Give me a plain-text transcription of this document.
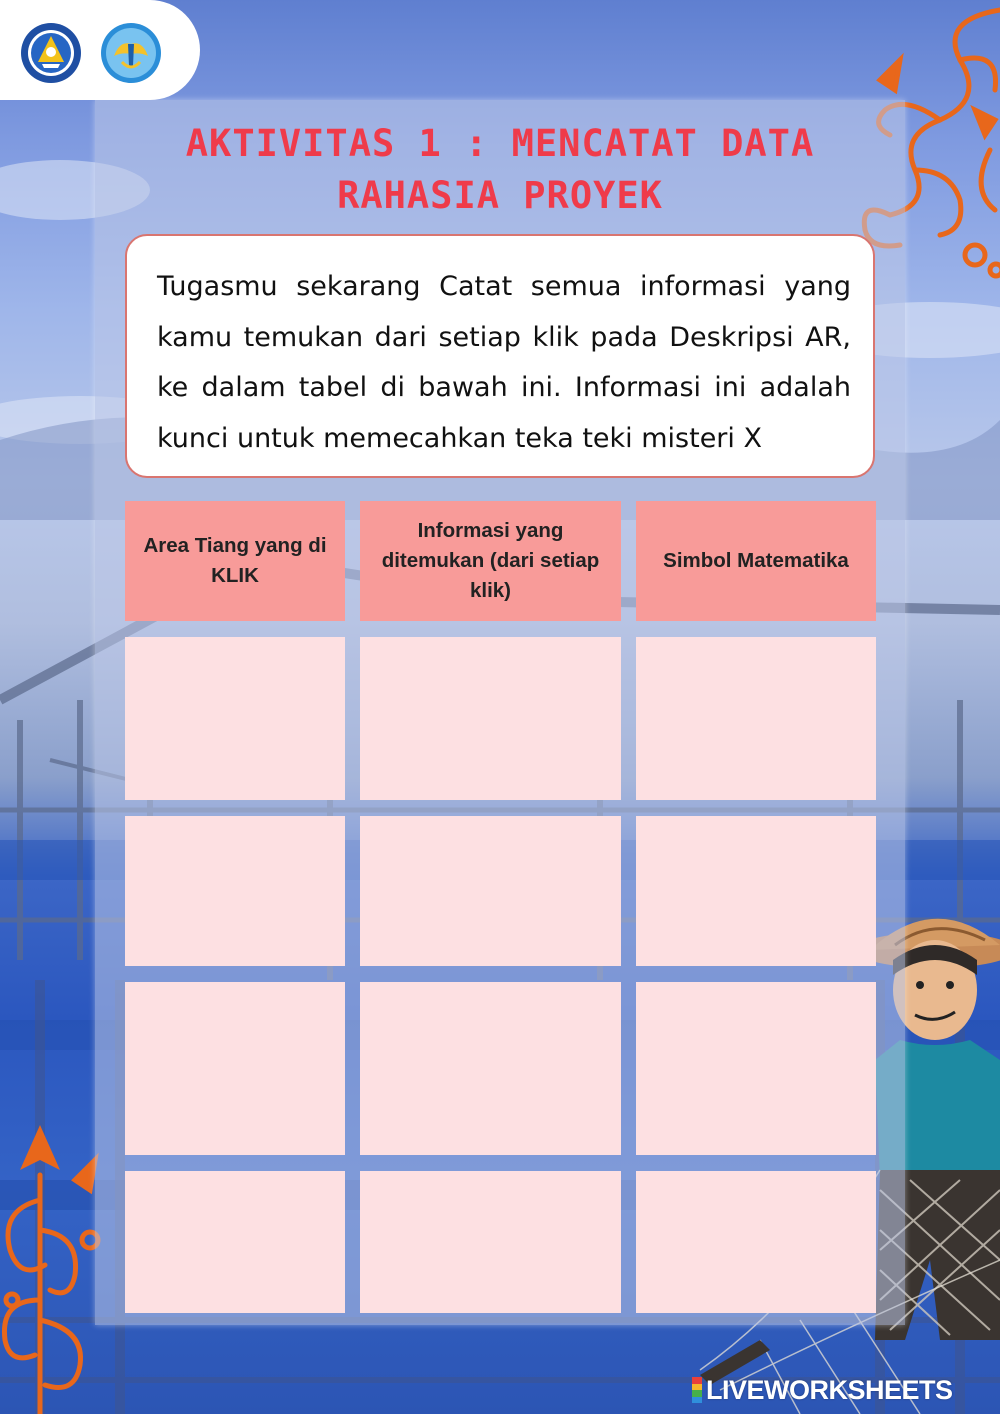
AKTIVITAS 1 : MENCATAT DATA
RAHASIA PROYEK

Tugasmu sekarang Catat semua informasi yang kamu temukan dari setiap klik pada Deskripsi AR, ke dalam tabel di bawah ini. Informasi ini adalah kunci untuk memecahkan teka teki misteri X

Area Tiang yang di KLIK
Informasi yang ditemukan (dari setiap klik)
Simbol Matematika
LIVEWORKSHEETS
